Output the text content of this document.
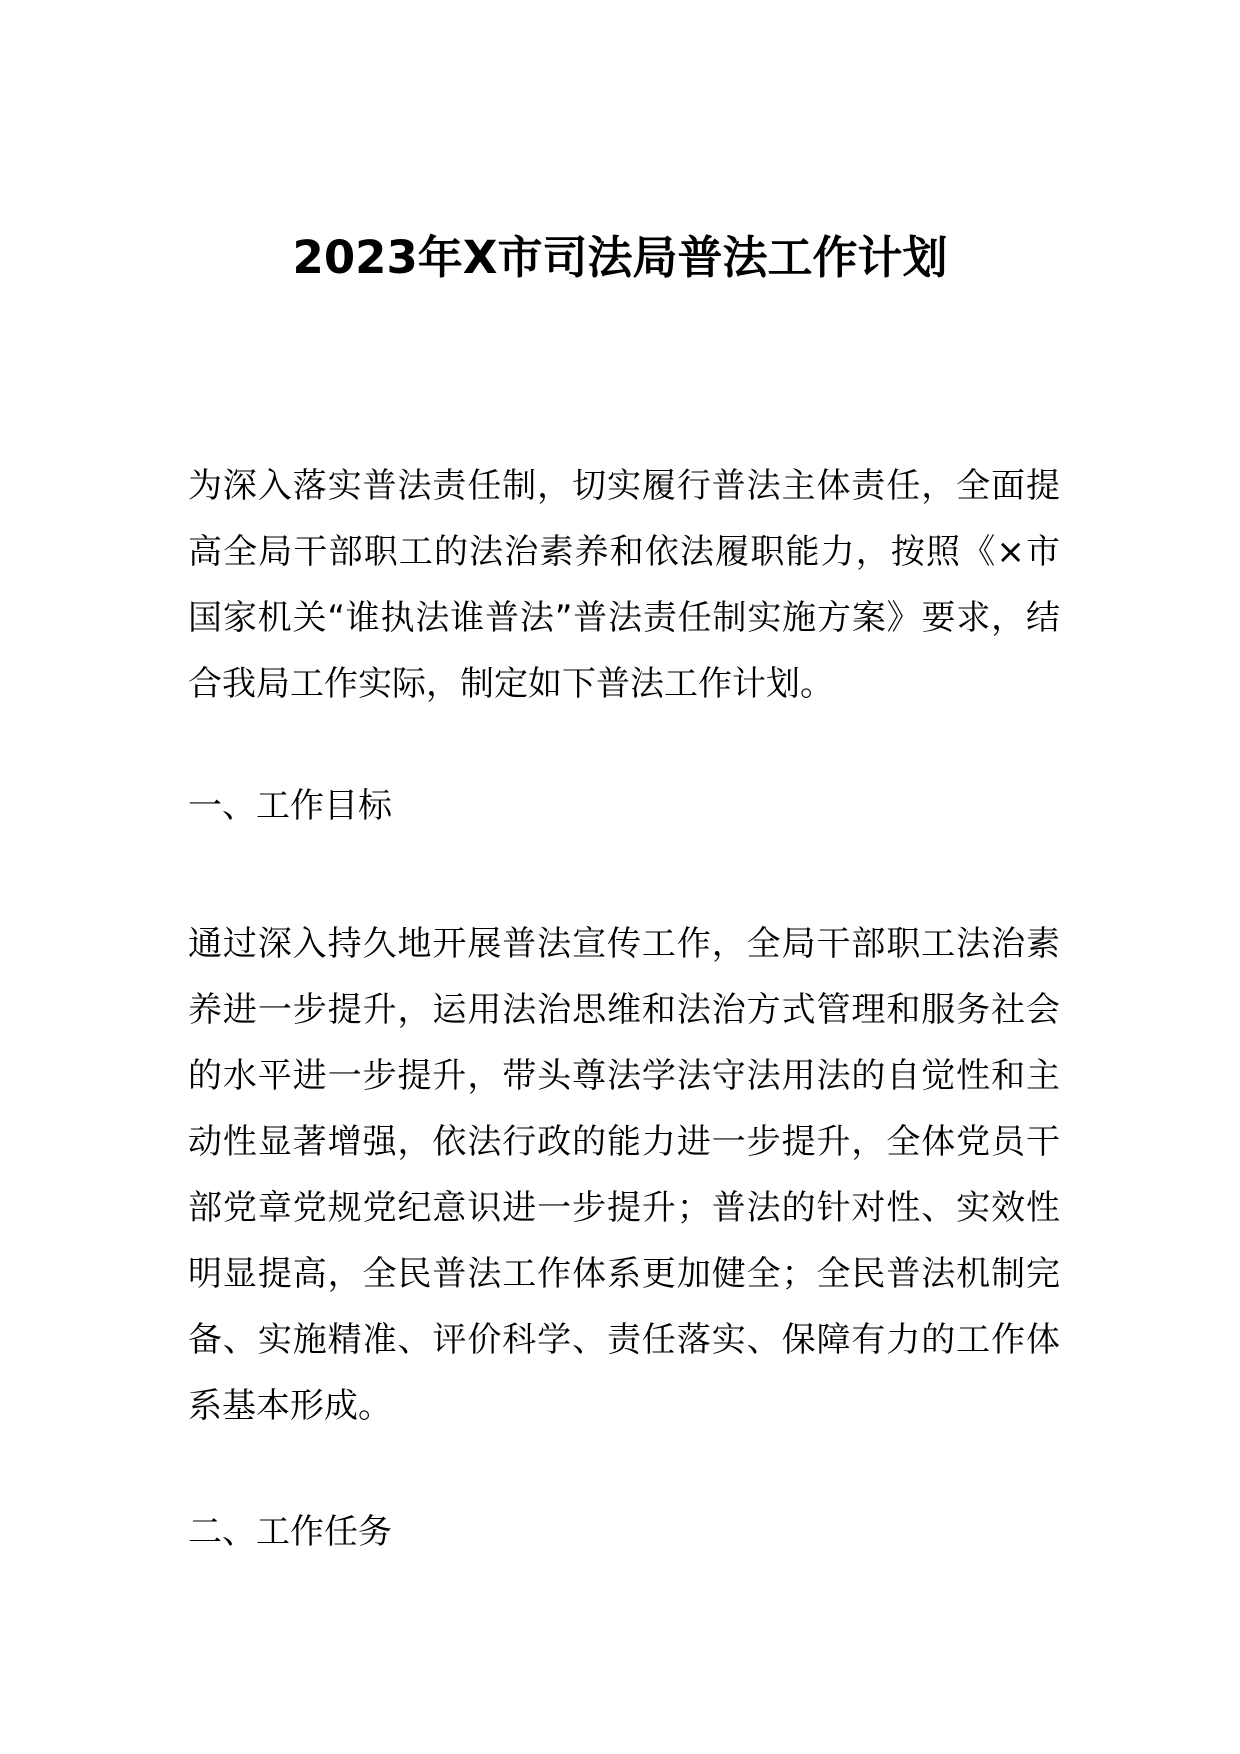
2023年X市司法局普法工作计划

为深入落实普法责任制，切实履行普法主体责任，全面提高全局干部职工的法治素养和依法履职能力，按照《×市国家机关“谁执法谁普法”普法责任制实施方案》要求，结合我局工作实际，制定如下普法工作计划。

一、工作目标

通过深入持久地开展普法宣传工作，全局干部职工法治素养进一步提升，运用法治思维和法治方式管理和服务社会的水平进一步提升，带头尊法学法守法用法的自觉性和主动性显著增强，依法行政的能力进一步提升，全体党员干部党章党规党纪意识进一步提升；普法的针对性、实效性明显提高，全民普法工作体系更加健全；全民普法机制完备、实施精准、评价科学、责任落实、保障有力的工作体系基本形成。

二、工作任务
